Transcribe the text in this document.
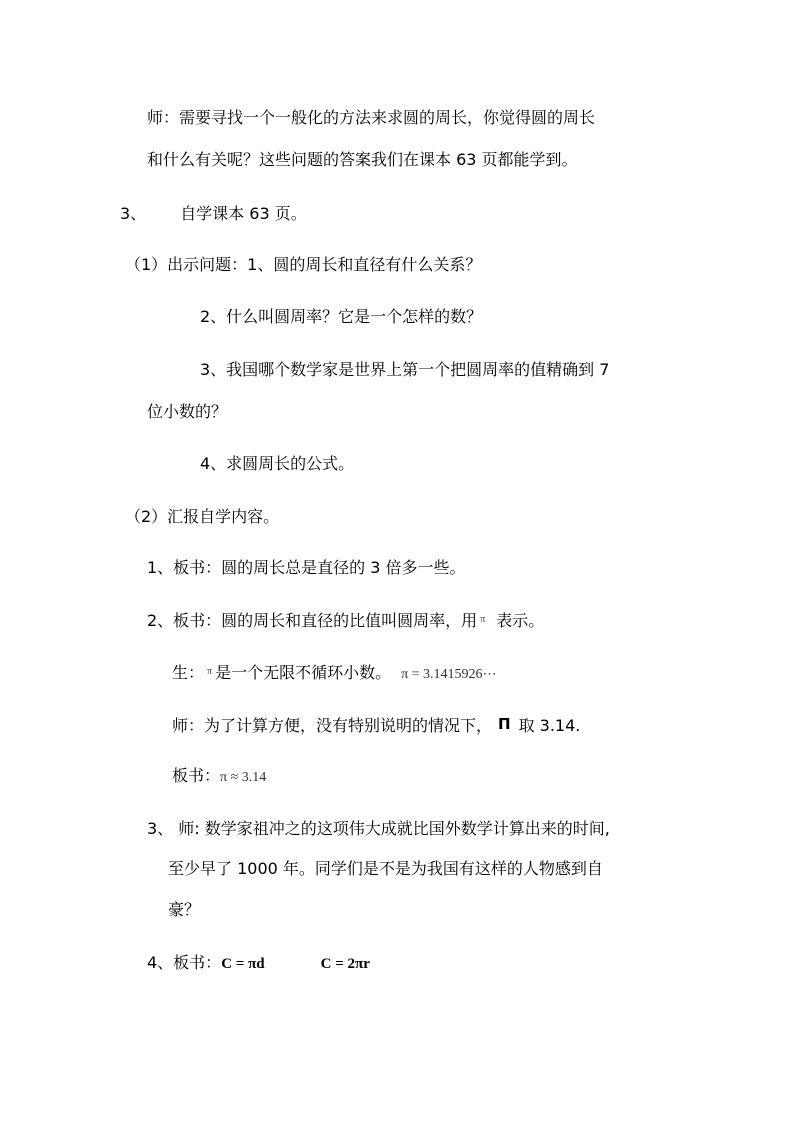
师：需要寻找一个一般化的方法来求圆的周长，你觉得圆的周长
和什么有关呢？这些问题的答案我们在课本 63 页都能学到。
3、 自学课本 63 页。
（1）出示问题：1、圆的周长和直径有什么关系？
2、什么叫圆周率？它是一个怎样的数？
3、我国哪个数学家是世界上第一个把圆周率的值精确到 7
位小数的？
4、求圆周长的公式。
（2）汇报自学内容。
1、板书：圆的周长总是直径的 3 倍多一些。
2、板书：圆的周长和直径的比值叫圆周率，用 $^\pi$ 表示。
生： $^\pi$ 是一个无限不循环小数。 π = 3.1415926⋯
师：为了计算方便，没有特别说明的情况下， Π 取 3.14.
板书：π ≈ 3.14
3、 师: 数学家祖冲之的这项伟大成就比国外数学计算出来的时间,
至少早了 1000 年。同学们是不是为我国有这样的人物感到自
豪？
4、板书：C = πd	C = 2πr
